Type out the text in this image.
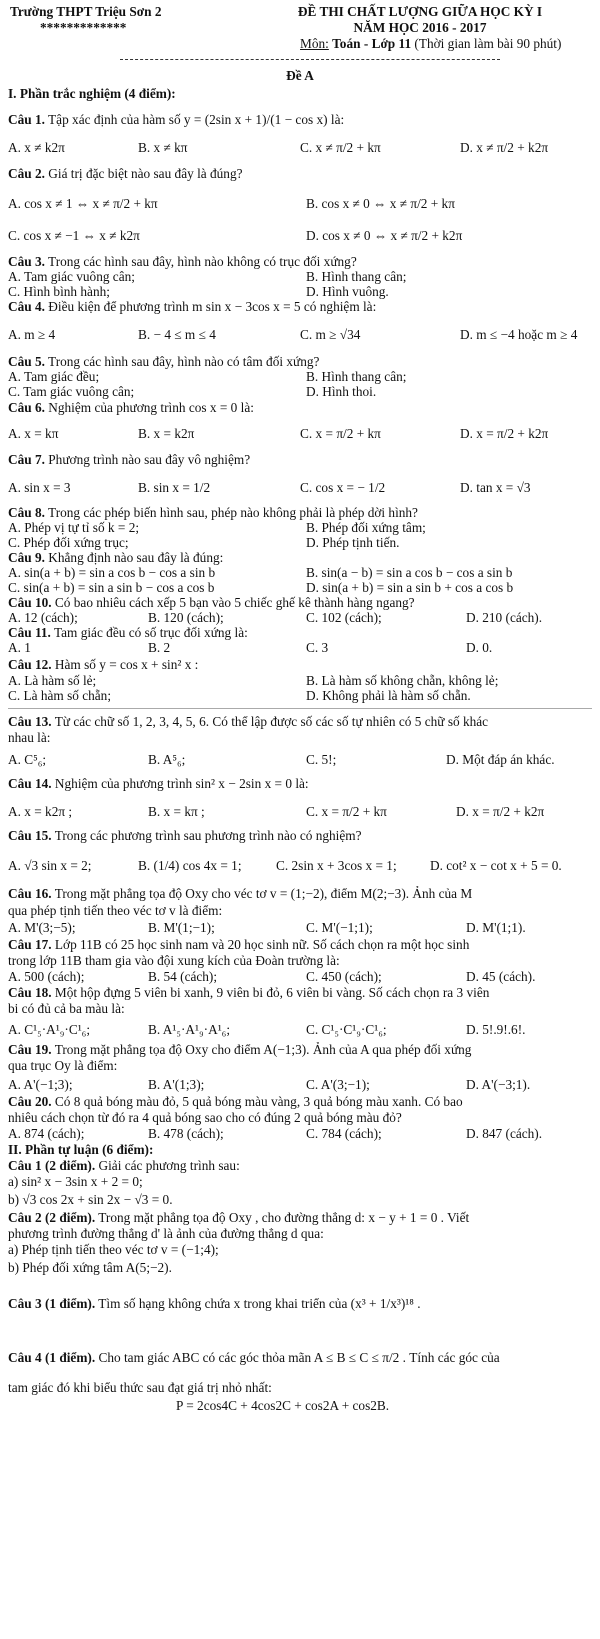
Trường THPT Triệu Sơn 2
*************
ĐỀ THI CHẤT LƯỢNG GIỮA HỌC KỲ I
NĂM HỌC 2016 - 2017
Môn: Toán - Lớp 11 (Thời gian làm bài 90 phút)
Đề A
I. Phần trắc nghiệm (4 điểm):
Câu 1. Tập xác định của hàm số y = (2sin x + 1)/(1 − cos x) là:
A. x ≠ k2π	B. x ≠ kπ	C. x ≠ π/2 + kπ	D. x ≠ π/2 + k2π
Câu 2. Giá trị đặc biệt nào sau đây là đúng?
A. cos x ≠ 1 ⇔ x ≠ π/2 + kπ	B. cos x ≠ 0 ⇔ x ≠ π/2 + kπ
C. cos x ≠ −1 ⇔ x ≠ k2π	D. cos x ≠ 0 ⇔ x ≠ π/2 + k2π
Câu 3. Trong các hình sau đây, hình nào không có trục đối xứng?
A. Tam giác vuông cân;	B. Hình thang cân;
C. Hình bình hành;	D. Hình vuông.
Câu 4. Điều kiện để phương trình m sin x − 3cos x = 5 có nghiệm là:
A. m ≥ 4	B. − 4 ≤ m ≤ 4	C. m ≥ √34	D. m ≤ −4 hoặc m ≥ 4
Câu 5. Trong các hình sau đây, hình nào có tâm đối xứng?
A. Tam giác đều;	B. Hình thang cân;
C. Tam giác vuông cân;	D. Hình thoi.
Câu 6. Nghiệm của phương trình cos x = 0 là:
A. x = kπ	B. x = k2π	C. x = π/2 + kπ	D. x = π/2 + k2π
Câu 7. Phương trình nào sau đây vô nghiệm?
A. sin x = 3	B. sin x = 1/2	C. cos x = − 1/2	D. tan x = √3
Câu 8. Trong các phép biến hình sau, phép nào không phải là phép dời hình?
A. Phép vị tự tỉ số k = 2;	B. Phép đối xứng tâm;
C. Phép đối xứng trục;	D. Phép tịnh tiến.
Câu 9. Khẳng định nào sau đây là đúng:
A. sin(a + b) = sin a cos b − cos a sin b	B. sin(a − b) = sin a cos b − cos a sin b
C. sin(a + b) = sin a sin b − cos a cos b	D. sin(a + b) = sin a sin b + cos a cos b
Câu 10. Có bao nhiêu cách xếp 5 bạn vào 5 chiếc ghế kê thành hàng ngang?
A. 12 (cách);	B. 120 (cách);	C. 102 (cách);	D. 210 (cách).
Câu 11. Tam giác đều có số trục đối xứng là:
A. 1	B. 2	C. 3	D. 0.
Câu 12. Hàm số y = cos x + sin² x :
A. Là hàm số lẻ;	B. Là hàm số không chẵn, không lẻ;
C. Là hàm số chẵn;	D. Không phải là hàm số chẵn.
Câu 13. Từ các chữ số 1, 2, 3, 4, 5, 6. Có thể lập được số các số tự nhiên có 5 chữ số khác
nhau là:
A. C⁵₆;	B. A⁵₆;	C. 5!;	D. Một đáp án khác.
Câu 14. Nghiệm của phương trình sin² x − 2sin x = 0 là:
A. x = k2π ;	B. x = kπ ;	C. x = π/2 + kπ	D. x = π/2 + k2π
Câu 15. Trong các phương trình sau phương trình nào có nghiệm?
A. √3 sin x = 2;	B. (1/4) cos 4x = 1;	C. 2sin x + 3cos x = 1;	D. cot² x − cot x + 5 = 0.
Câu 16. Trong mặt phẳng tọa độ Oxy cho véc tơ v = (1;−2), điểm M(2;−3). Ảnh của M
qua phép tịnh tiến theo véc tơ v là điểm:
A. M'(3;−5);	B. M'(1;−1);	C. M'(−1;1);	D. M'(1;1).
Câu 17. Lớp 11B có 25 học sinh nam và 20 học sinh nữ. Số cách chọn ra một học sinh
trong lớp 11B tham gia vào đội xung kích của Đoàn trường là:
A. 500 (cách);	B. 54 (cách);	C. 450 (cách);	D. 45 (cách).
Câu 18. Một hộp đựng 5 viên bi xanh, 9 viên bi đỏ, 6 viên bi vàng. Số cách chọn ra 3 viên
bi có đủ cả ba màu là:
A. C¹₅·A¹₉·C¹₆;	B. A¹₅·A¹₉·A¹₆;	C. C¹₅·C¹₉·C¹₆;	D. 5!.9!.6!.
Câu 19. Trong mặt phẳng tọa độ Oxy cho điểm A(−1;3). Ảnh của A qua phép đối xứng
qua trục Oy là điểm:
A. A'(−1;3);	B. A'(1;3);	C. A'(3;−1);	D. A'(−3;1).
Câu 20. Có 8 quả bóng màu đỏ, 5 quả bóng màu vàng, 3 quả bóng màu xanh. Có bao
nhiêu cách chọn từ đó ra 4 quả bóng sao cho có đúng 2 quả bóng màu đỏ?
A. 874 (cách);	B. 478 (cách);	C. 784 (cách);	D. 847 (cách).
II. Phần tự luận (6 điểm):
Câu 1 (2 điểm). Giải các phương trình sau:
a) sin² x − 3sin x + 2 = 0;
b) √3 cos 2x + sin 2x − √3 = 0.
Câu 2 (2 điểm). Trong mặt phẳng tọa độ Oxy , cho đường thẳng d: x − y + 1 = 0 . Viết
phương trình đường thẳng d' là ảnh của đường thẳng d qua:
a) Phép tịnh tiến theo véc tơ v = (−1;4);
b) Phép đối xứng tâm A(5;−2).
Câu 3 (1 điểm). Tìm số hạng không chứa x trong khai triển của (x³ + 1/x³)¹⁸ .
Câu 4 (1 điểm). Cho tam giác ABC có các góc thỏa mãn A ≤ B ≤ C ≤ π/2 . Tính các góc của
tam giác đó khi biểu thức sau đạt giá trị nhỏ nhất:
P = 2cos4C + 4cos2C + cos2A + cos2B.
